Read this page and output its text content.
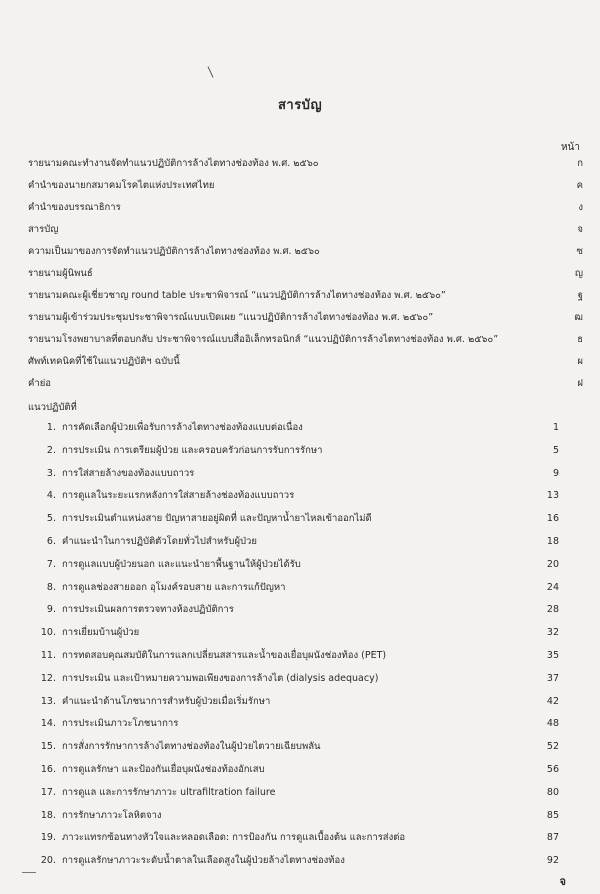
สารบัญ
หน้า
รายนามคณะทำงานจัดทำแนวปฏิบัติการล้างไตทางช่องท้อง พ.ศ. ๒๕๖๐	ก
คำนำของนายกสมาคมโรคไตแห่งประเทศไทย	ค
คำนำของบรรณาธิการ	ง
สารบัญ	จ
ความเป็นมาของการจัดทำแนวปฏิบัติการล้างไตทางช่องท้อง พ.ศ. ๒๕๖๐	ซ
รายนามผู้นิพนธ์	ญ
รายนามคณะผู้เชี่ยวชาญ round table ประชาพิจารณ์ “แนวปฏิบัติการล้างไตทางช่องท้อง พ.ศ. ๒๕๖๐”	ฐ
รายนามผู้เข้าร่วมประชุมประชาพิจารณ์แบบเปิดเผย “แนวปฏิบัติการล้างไตทางช่องท้อง พ.ศ. ๒๕๖๐”	ฒ
รายนามโรงพยาบาลที่ตอบกลับ ประชาพิจารณ์แบบสื่ออิเล็กทรอนิกส์ “แนวปฏิบัติการล้างไตทางช่องท้อง พ.ศ. ๒๕๖๐”	ธ
ศัพท์เทคนิคที่ใช้ในแนวปฏิบัติฯ ฉบับนี้	ผ
คำย่อ	ฝ
แนวปฏิบัติที่
1. การคัดเลือกผู้ป่วยเพื่อรับการล้างไตทางช่องท้องแบบต่อเนื่อง	1
2. การประเมิน การเตรียมผู้ป่วย และครอบครัวก่อนการรับการรักษา	5
3. การใส่สายล้างของท้องแบบถาวร	9
4. การดูแลในระยะแรกหลังการใส่สายล้างช่องท้องแบบถาวร	13
5. การประเมินตำแหน่งสาย ปัญหาสายอยู่ผิดที่ และปัญหาน้ำยาไหลเข้าออกไม่ดี	16
6. คำแนะนำในการปฏิบัติตัวโดยทั่วไปสำหรับผู้ป่วย	18
7. การดูแลแบบผู้ป่วยนอก และแนะนำยาพื้นฐานให้ผู้ป่วยได้รับ	20
8. การดูแลช่องสายออก อุโมงค์รอบสาย และการแก้ปัญหา	24
9. การประเมินผลการตรวจทางห้องปฏิบัติการ	28
10. การเยี่ยมบ้านผู้ป่วย	32
11. การทดสอบคุณสมบัติในการแลกเปลี่ยนสสารและน้ำของเยื่อบุผนังช่องท้อง (PET)	35
12. การประเมิน และเป้าหมายความพอเพียงของการล้างไต (dialysis adequacy)	37
13. คำแนะนำด้านโภชนาการสำหรับผู้ป่วยเมื่อเริ่มรักษา	42
14. การประเมินภาวะโภชนาการ	48
15. การสั่งการรักษาการล้างไตทางช่องท้องในผู้ป่วยไตวายเฉียบพลัน	52
16. การดูแลรักษา และป้องกันเยื่อบุผนังช่องท้องอักเสบ	56
17. การดูแล และการรักษาภาวะ ultrafiltration failure	80
18. การรักษาภาวะโลหิตจาง	85
19. ภาวะแทรกซ้อนทางหัวใจและหลอดเลือด: การป้องกัน การดูแลเบื้องต้น และการส่งต่อ	87
20. การดูแลรักษาภาวะระดับน้ำตาลในเลือดสูงในผู้ป่วยล้างไตทางช่องท้อง	92
จ
